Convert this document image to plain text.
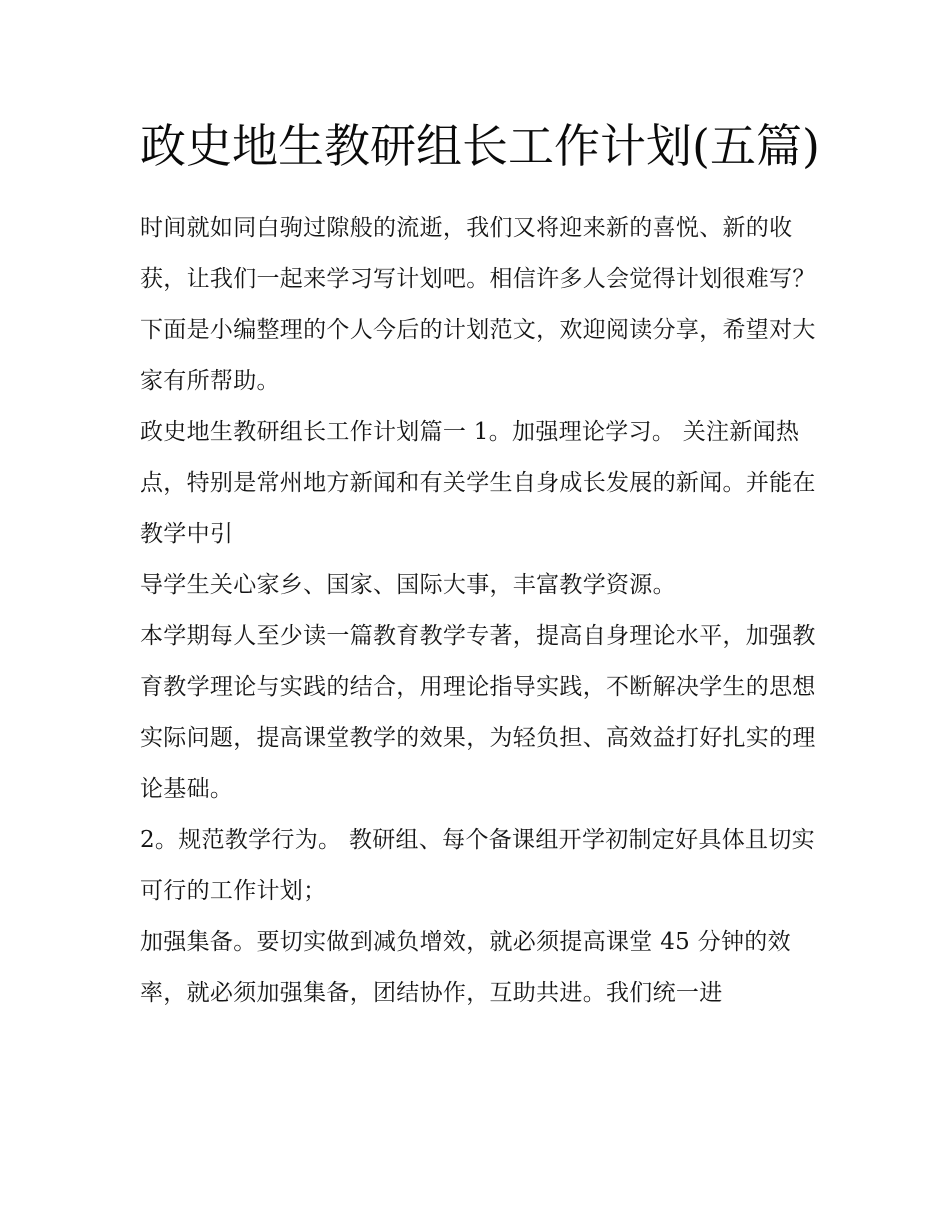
政史地生教研组长工作计划(五篇)

时间就如同白驹过隙般的流逝，我们又将迎来新的喜悦、新的收获，让我们一起来学习写计划吧。相信许多人会觉得计划很难写？下面是小编整理的个人今后的计划范文，欢迎阅读分享，希望对大家有所帮助。

政史地生教研组长工作计划篇一 1。加强理论学习。 关注新闻热点，特别是常州地方新闻和有关学生自身成长发展的新闻。并能在教学中引

导学生关心家乡、国家、国际大事，丰富教学资源。

本学期每人至少读一篇教育教学专著，提高自身理论水平，加强教育教学理论与实践的结合，用理论指导实践，不断解决学生的思想实际问题，提高课堂教学的效果，为轻负担、高效益打好扎实的理论基础。

2。规范教学行为。 教研组、每个备课组开学初制定好具体且切实可行的工作计划；

加强集备。要切实做到减负增效，就必须提高课堂 45 分钟的效率，就必须加强集备，团结协作，互助共进。我们统一进
